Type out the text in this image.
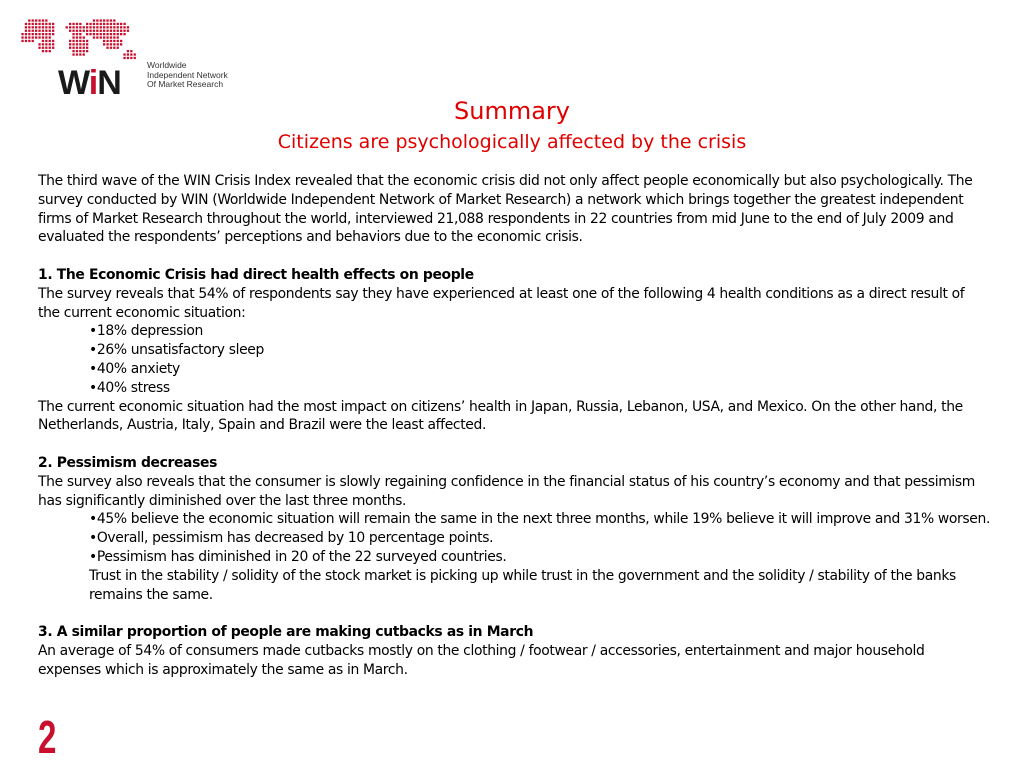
WiN	Worldwide
Independent Network
Of Market Research
Summary
Citizens are psychologically affected by the crisis

The third wave of the WIN Crisis Index revealed that the economic crisis did not only affect people economically but also psychologically. The survey conducted by WIN (Worldwide Independent Network of Market Research) a network which brings together the greatest independent firms of Market Research throughout the world, interviewed 21,088 respondents in 22 countries from mid June to the end of July 2009 and evaluated the respondents’ perceptions and behaviors due to the economic crisis.

1. The Economic Crisis had direct health effects on people

The survey reveals that 54% of respondents say they have experienced at least one of the following 4 health conditions as a direct result of the current economic situation:

•18% depression

•26% unsatisfactory sleep

•40% anxiety

•40% stress

The current economic situation had the most impact on citizens’ health in Japan, Russia, Lebanon, USA, and Mexico. On the other hand, the Netherlands, Austria, Italy, Spain and Brazil were the least affected.

2. Pessimism decreases

The survey also reveals that the consumer is slowly regaining confidence in the financial status of his country’s economy and that pessimism has significantly diminished over the last three months.

•45% believe the economic situation will remain the same in the next three months, while 19% believe it will improve and 31% worsen.

•Overall, pessimism has decreased by 10 percentage points.

•Pessimism has diminished in 20 of the 22 surveyed countries.

Trust in the stability / solidity of the stock market is picking up while trust in the government and the solidity / stability of the banks remains the same.

3. A similar proportion of people are making cutbacks as in March

An average of 54% of consumers made cutbacks mostly on the clothing / footwear / accessories, entertainment and major household expenses which is approximately the same as in March.

2
